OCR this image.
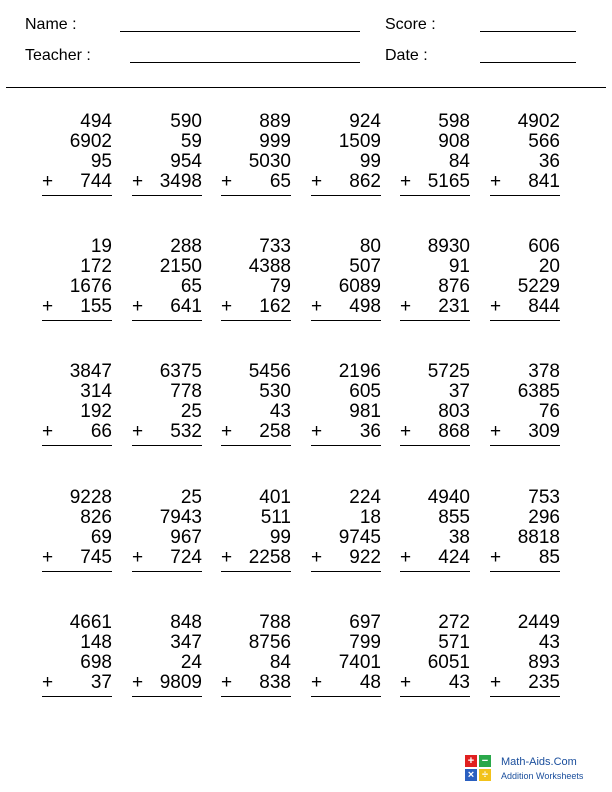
Name :
Teacher :
Score :
Date :
494
6902
95
+ 744
590
59
954
+ 3498
889
999
5030
+ 65
924
1509
99
+ 862
598
908
84
+ 5165
4902
566
36
+ 841
19
172
1676
+ 155
288
2150
65
+ 641
733
4388
79
+ 162
80
507
6089
+ 498
8930
91
876
+ 231
606
20
5229
+ 844
3847
314
192
+ 66
6375
778
25
+ 532
5456
530
43
+ 258
2196
605
981
+ 36
5725
37
803
+ 868
378
6385
76
+ 309
9228
826
69
+ 745
25
7943
967
+ 724
401
511
99
+ 2258
224
18
9745
+ 922
4940
855
38
+ 424
753
296
8818
+ 85
4661
148
698
+ 37
848
347
24
+ 9809
788
8756
84
+ 838
697
799
7401
+ 48
272
571
6051
+ 43
2449
43
893
+ 235
+ −
× ÷
Math-Aids.Com
Addition Worksheets
